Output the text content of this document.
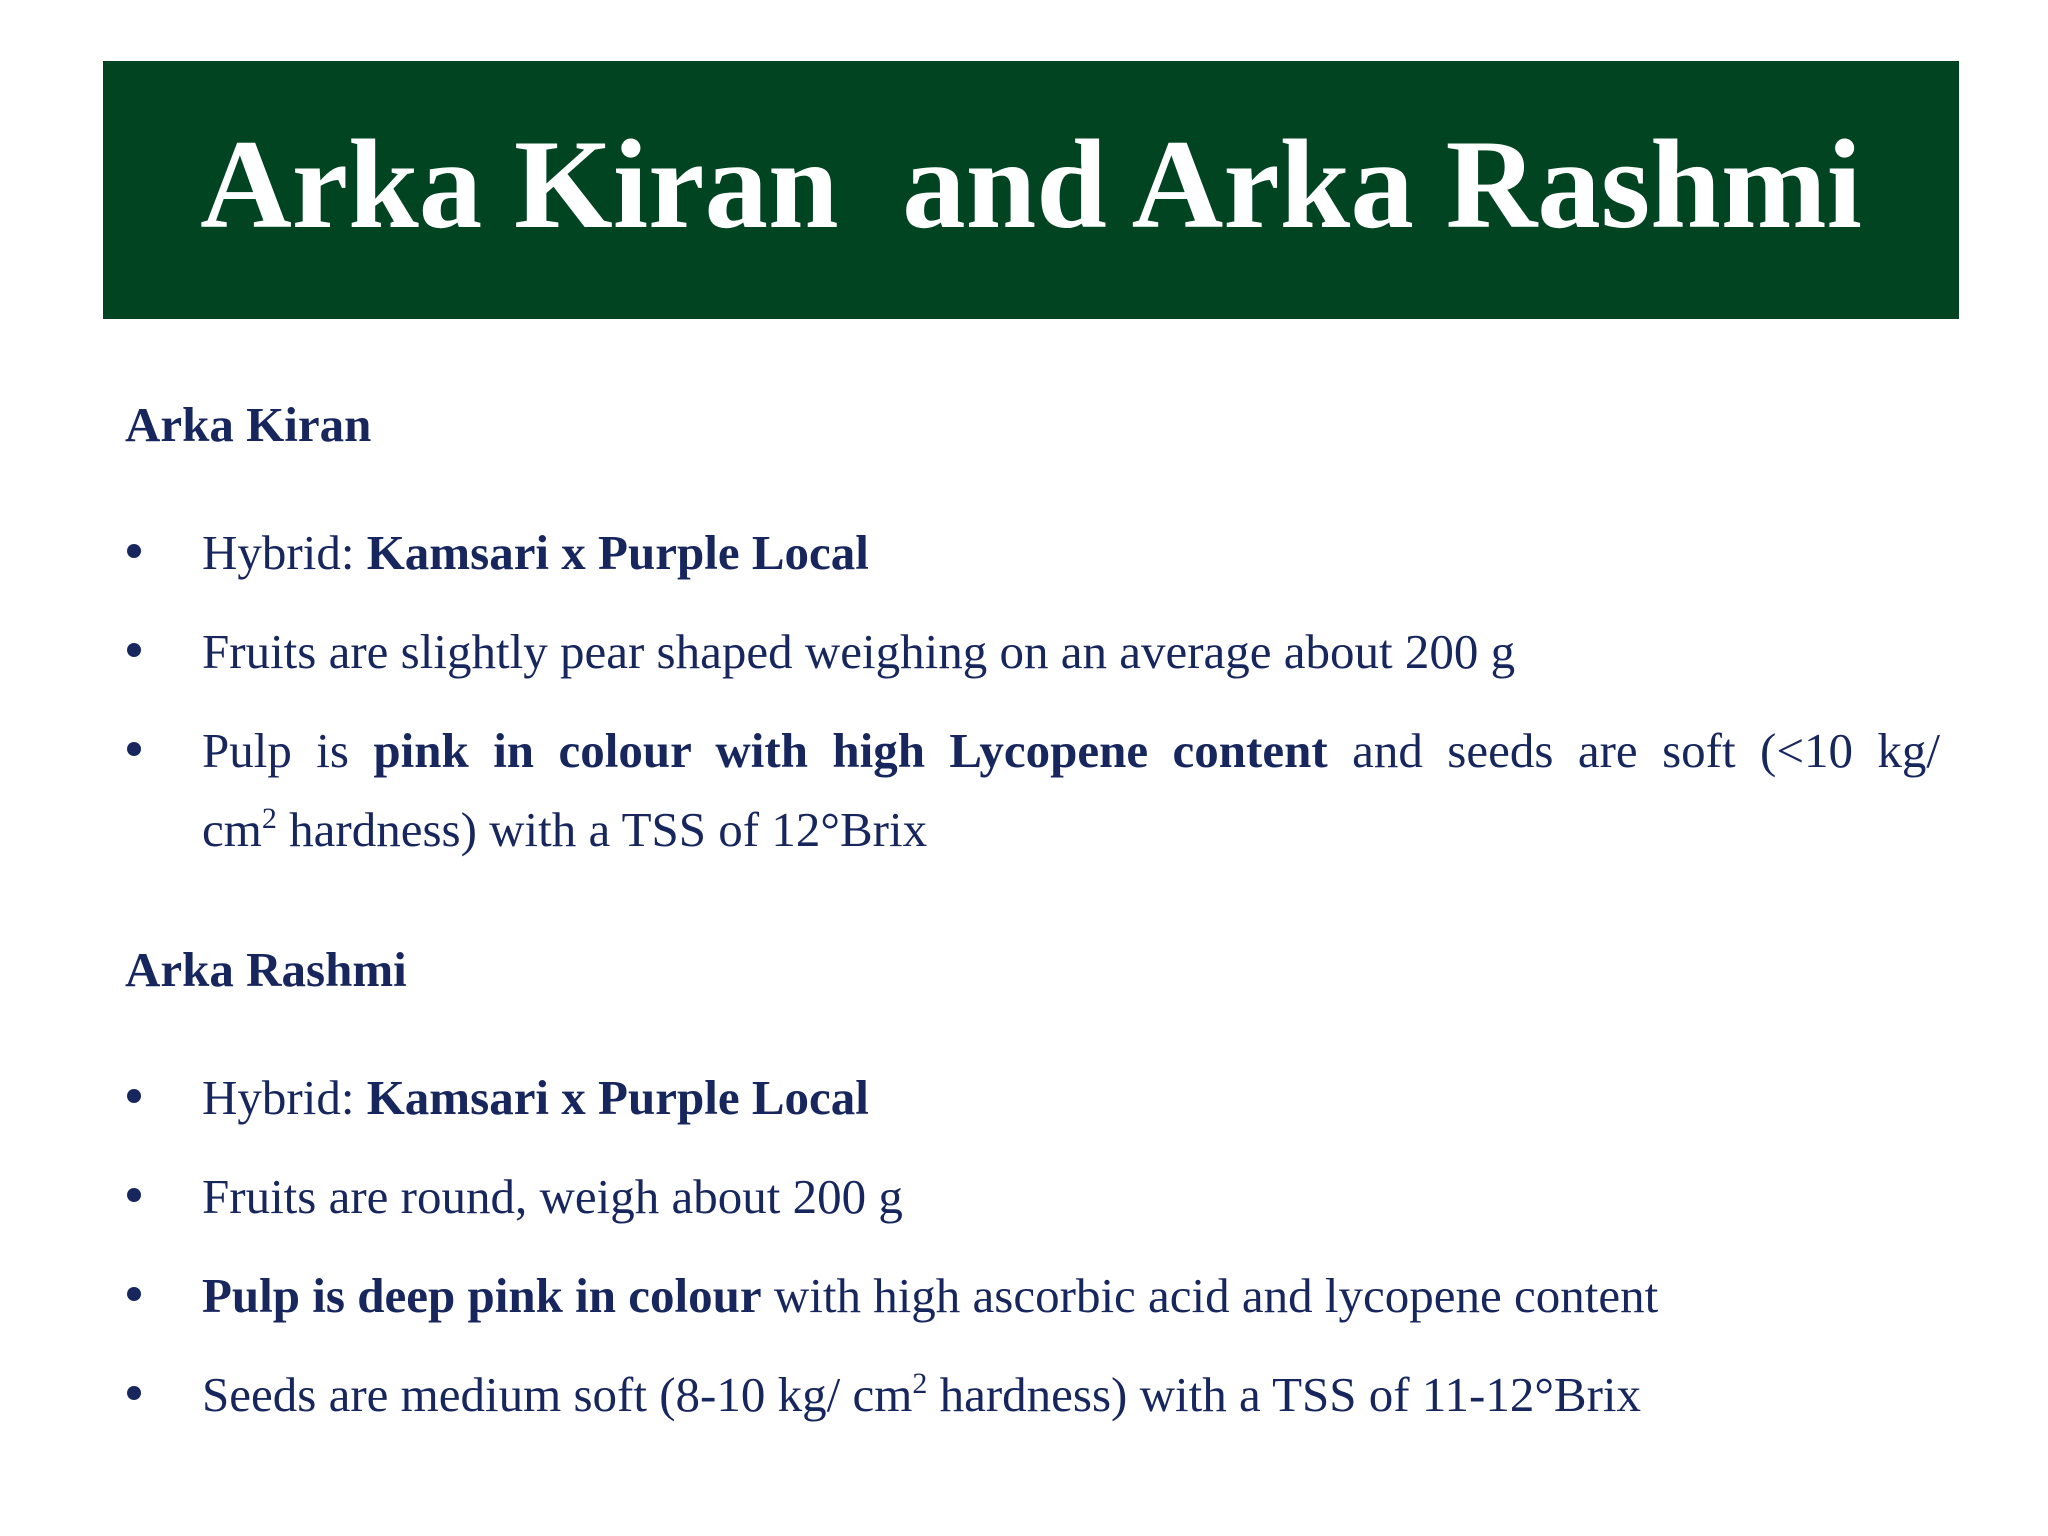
Arka Kiran  and Arka Rashmi
Arka Kiran
Hybrid: Kamsari x Purple Local
Fruits are slightly pear shaped weighing on an average about 200 g
Pulp is pink in colour with high Lycopene content and seeds are soft (<10 kg/
$cm^2$ hardness) with a TSS of 12°Brix
Arka Rashmi
Hybrid: Kamsari x Purple Local
Fruits are round, weigh about 200 g
Pulp is deep pink in colour with high ascorbic acid and lycopene content
Seeds are medium soft (8-10 kg/ $cm^2$ hardness) with a TSS of 11-12°Brix
